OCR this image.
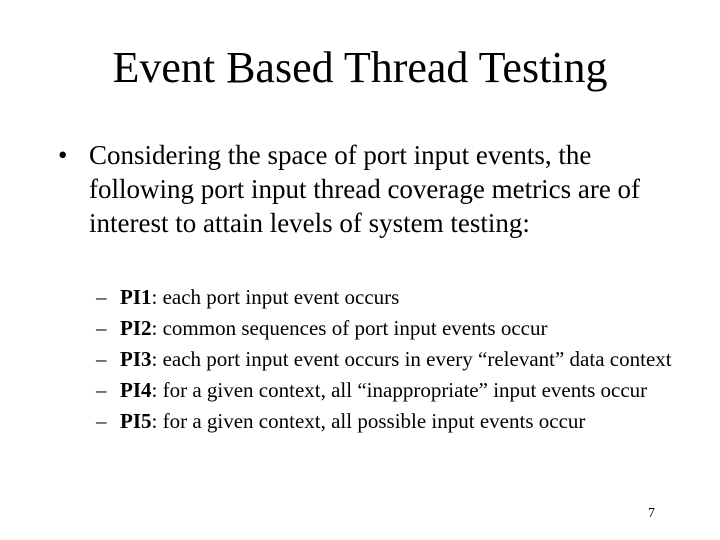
Event Based Thread Testing
• Considering the space of port input events, the following port input thread coverage metrics are of interest to attain levels of system testing:
– PI1: each port input event occurs
– PI2: common sequences of port input events occur
– PI3: each port input event occurs in every “relevant” data context
– PI4: for a given context, all “inappropriate” input events occur
– PI5: for a given context, all possible input events occur
7
